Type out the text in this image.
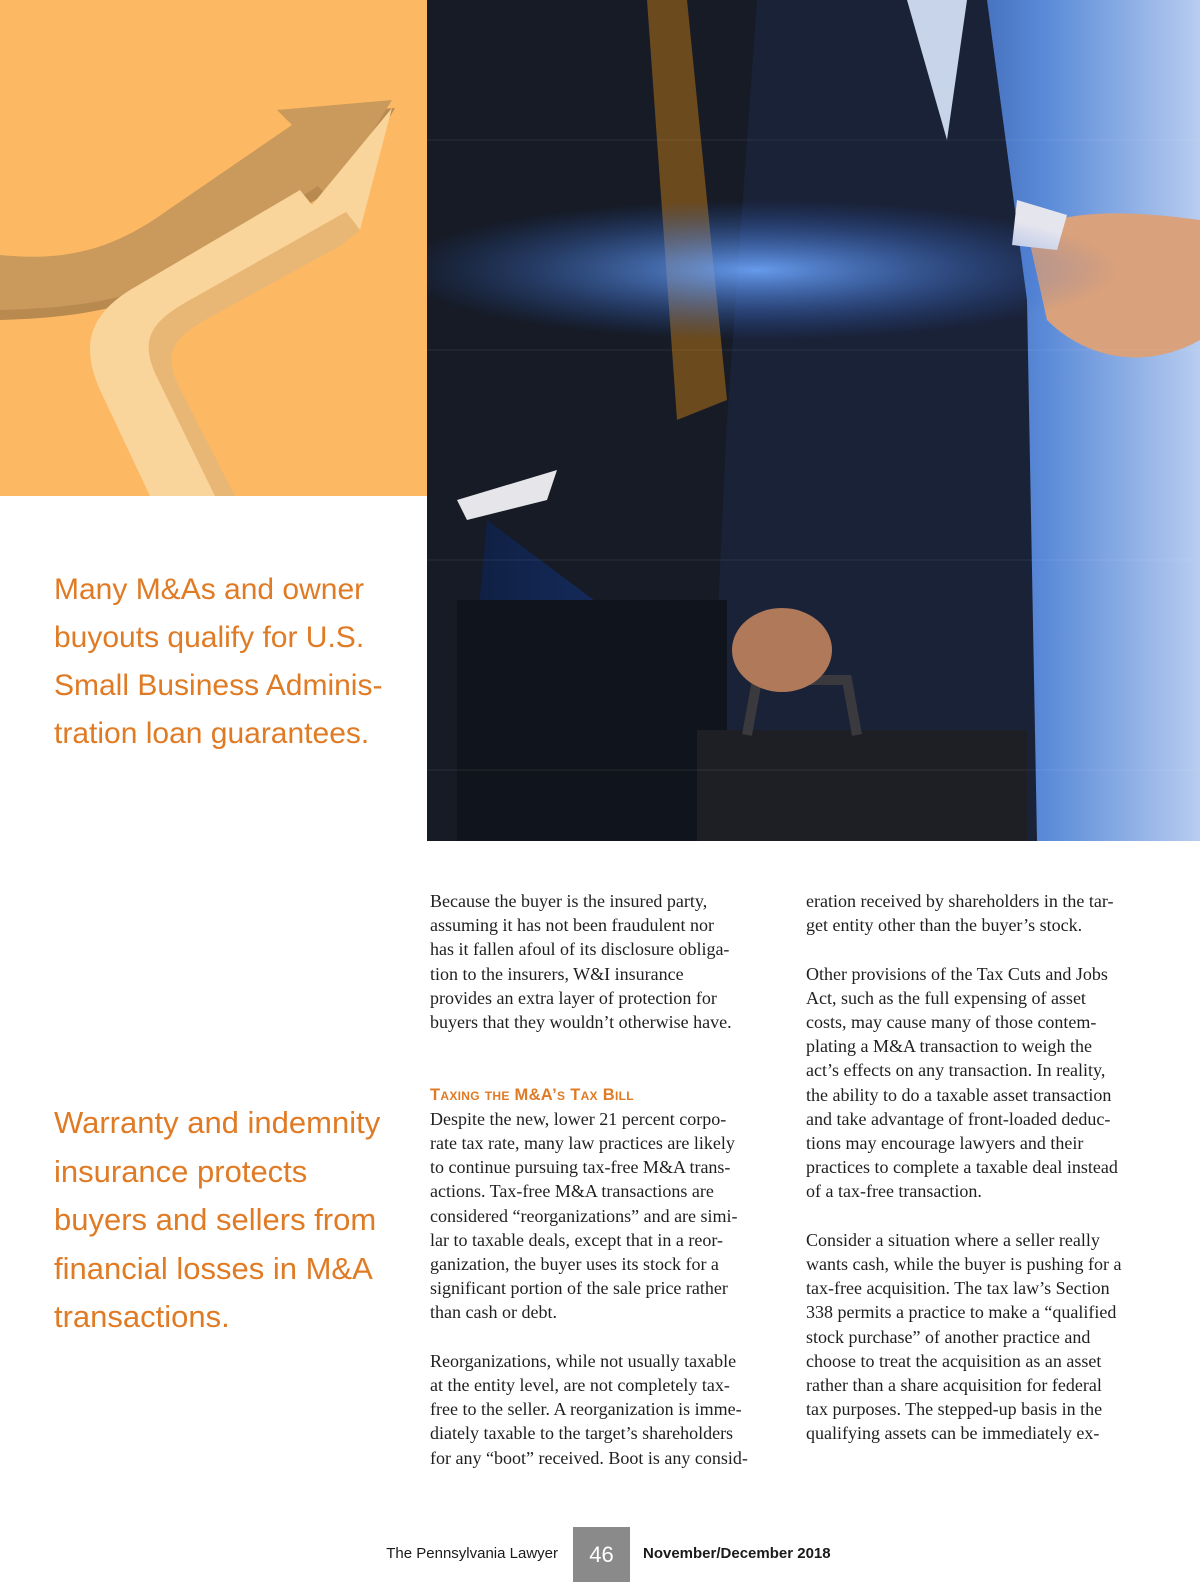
Many M&As and owner buyouts qualify for U.S. Small Business Adminis-tration loan guarantees.

Warranty and indemnity insurance protects buyers and sellers from financial losses in M&A transactions.

Because the buyer is the insured party,
assuming it has not been fraudulent nor
has it fallen afoul of its disclosure obliga-
tion to the insurers, W&I insurance
provides an extra layer of protection for
buyers that they wouldn’t otherwise have.

Taxing the M&A’s Tax Bill

Despite the new, lower 21 percent corpo-
rate tax rate, many law practices are likely
to continue pursuing tax-free M&A trans-
actions. Tax-free M&A transactions are
considered “reorganizations” and are simi-
lar to taxable deals, except that in a reor-
ganization, the buyer uses its stock for a
significant portion of the sale price rather
than cash or debt.

Reorganizations, while not usually taxable
at the entity level, are not completely tax-
free to the seller. A reorganization is imme-
diately taxable to the target’s shareholders
for any “boot” received. Boot is any consid-

eration received by shareholders in the tar-
get entity other than the buyer’s stock.

Other provisions of the Tax Cuts and Jobs
Act, such as the full expensing of asset
costs, may cause many of those contem-
plating a M&A transaction to weigh the
act’s effects on any transaction. In reality,
the ability to do a taxable asset transaction
and take advantage of front-loaded deduc-
tions may encourage lawyers and their
practices to complete a taxable deal instead
of a tax-free transaction.

Consider a situation where a seller really
wants cash, while the buyer is pushing for a
tax-free acquisition. The tax law’s Section
338 permits a practice to make a “qualified
stock purchase” of another practice and
choose to treat the acquisition as an asset
rather than a share acquisition for federal
tax purposes. The stepped-up basis in the
qualifying assets can be immediately ex-

The Pennsylvania Lawyer	46	November/December 2018
